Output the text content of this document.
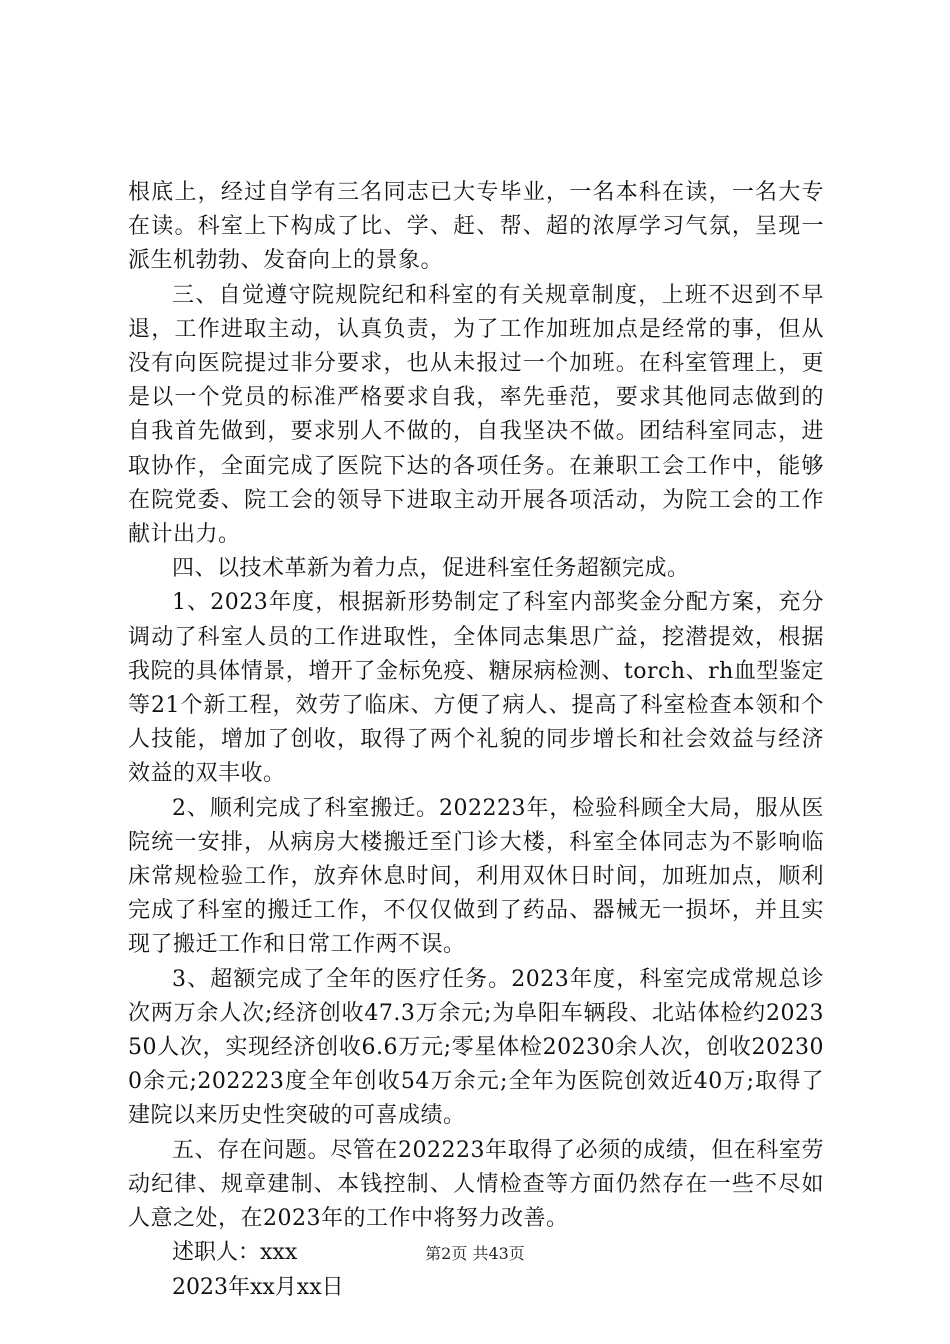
根底上，经过自学有三名同志已大专毕业，一名本科在读，一名大专在读。科室上下构成了比、学、赶、帮、超的浓厚学习气氛，呈现一派生机勃勃、发奋向上的景象。

三、自觉遵守院规院纪和科室的有关规章制度，上班不迟到不早退，工作进取主动，认真负责，为了工作加班加点是经常的事，但从没有向医院提过非分要求，也从未报过一个加班。在科室管理上，更是以一个党员的标准严格要求自我，率先垂范，要求其他同志做到的自我首先做到，要求别人不做的，自我坚决不做。团结科室同志，进取协作，全面完成了医院下达的各项任务。在兼职工会工作中，能够在院党委、院工会的领导下进取主动开展各项活动，为院工会的工作献计出力。

四、以技术革新为着力点，促进科室任务超额完成。

1、2023年度，根据新形势制定了科室内部奖金分配方案，充分调动了科室人员的工作进取性，全体同志集思广益，挖潜提效，根据我院的具体情景，增开了金标免疫、糖尿病检测、torch、rh血型鉴定等21个新工程，效劳了临床、方便了病人、提高了科室检查本领和个人技能，增加了创收，取得了两个礼貌的同步增长和社会效益与经济效益的双丰收。

2、顺利完成了科室搬迁。202223年，检验科顾全大局，服从医院统一安排，从病房大楼搬迁至门诊大楼，科室全体同志为不影响临床常规检验工作，放弃休息时间，利用双休日时间，加班加点，顺利完成了科室的搬迁工作，不仅仅做到了药品、器械无一损坏，并且实现了搬迁工作和日常工作两不误。

3、超额完成了全年的医疗任务。2023年度，科室完成常规总诊次两万余人次;经济创收47.3万余元;为阜阳车辆段、北站体检约202350人次，实现经济创收6.6万元;零星体检20230余人次，创收202300余元;202223度全年创收54万余元;全年为医院创效近40万;取得了建院以来历史性突破的可喜成绩。

五、存在问题。尽管在202223年取得了必须的成绩，但在科室劳动纪律、规章建制、本钱控制、人情检查等方面仍然存在一些不尽如人意之处，在2023年的工作中将努力改善。

述职人：xxx

2023年xx月xx日

第2页 共43页
